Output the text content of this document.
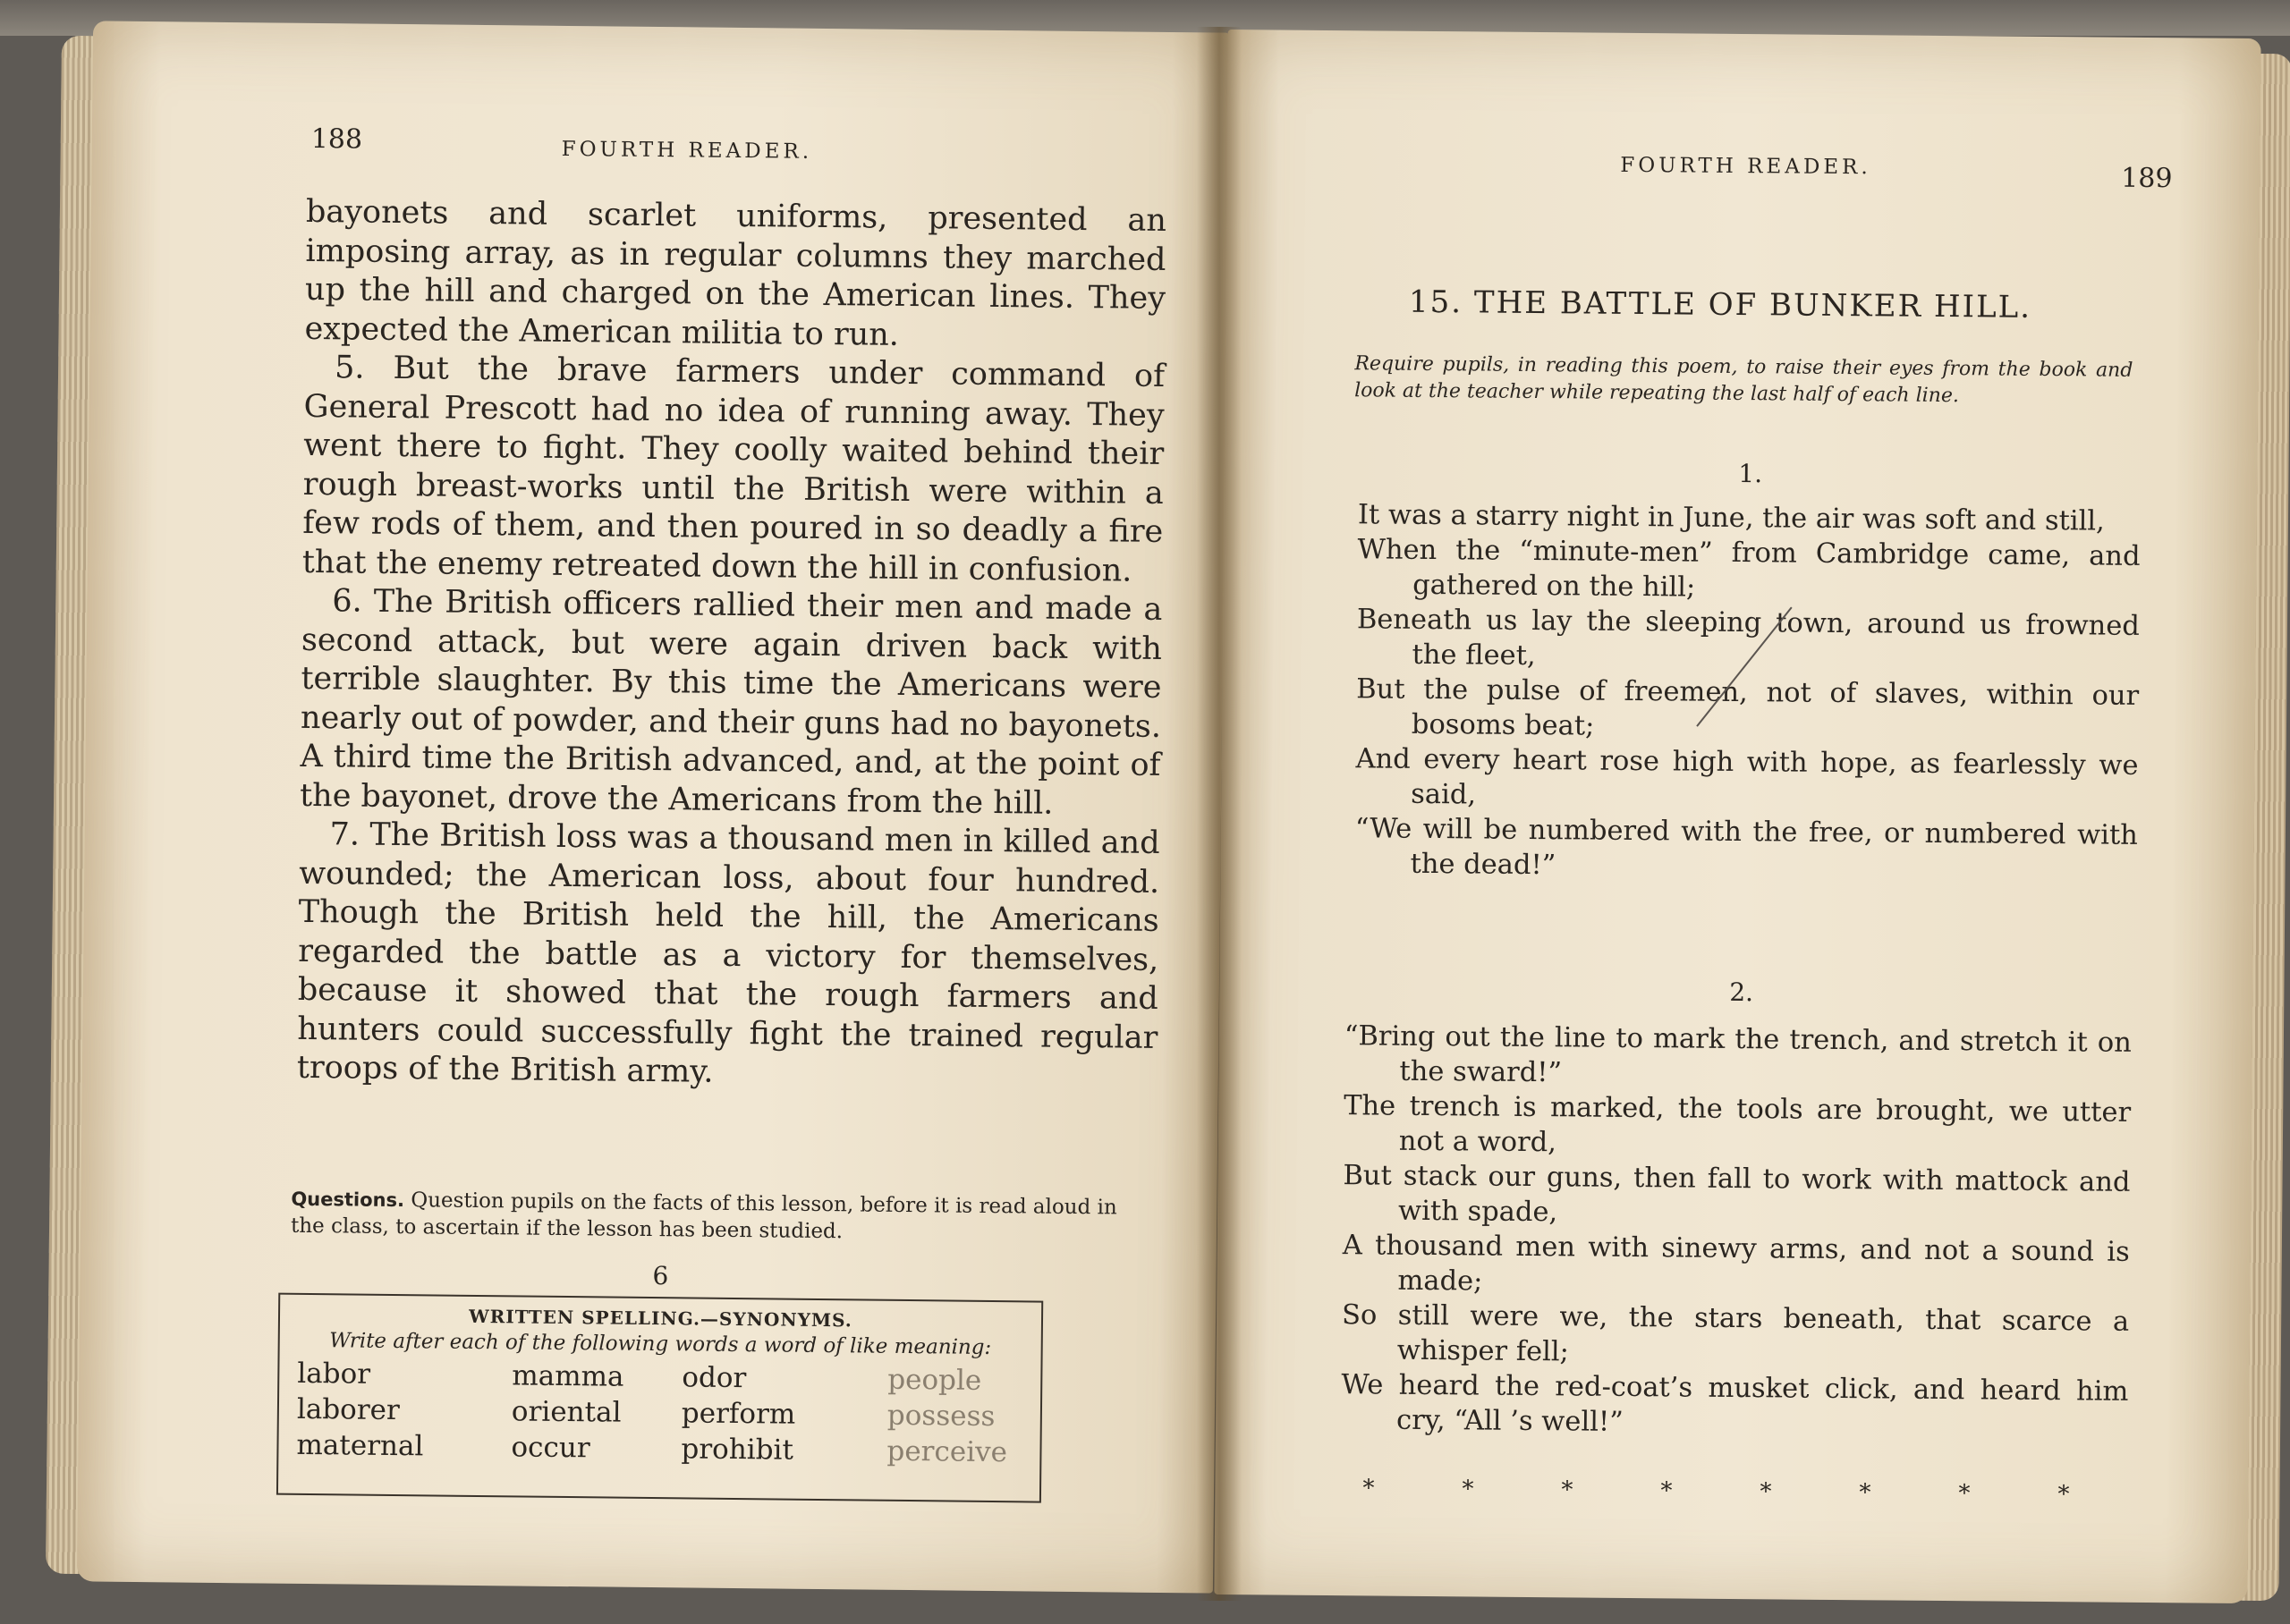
188	FOURTH READER.

bayonets and scarlet uniforms, presented an imposing array, as in regular columns they marched up the hill and charged on the American lines. They expected the American militia to run.

5. But the brave farmers under command of General Prescott had no idea of running away. They went there to fight. They coolly waited behind their rough breast-works until the British were within a few rods of them, and then poured in so deadly a fire that the enemy retreated down the hill in confusion.

6. The British officers rallied their men and made a second attack, but were again driven back with terrible slaughter. By this time the Americans were nearly out of powder, and their guns had no bayonets. A third time the British advanced, and, at the point of the bayonet, drove the Americans from the hill.

7. The British loss was a thousand men in killed and wounded; the American loss, about four hundred. Though the British held the hill, the Americans regarded the battle as a victory for themselves, because it showed that the rough farmers and hunters could successfully fight the trained regular troops of the British army.

Questions. Question pupils on the facts of this lesson, before it is read aloud in the class, to ascertain if the lesson has been studied.
6
WRITTEN SPELLING.—SYNONYMS.
Write after each of the following words a word of like meaning:
labor	mamma	odor	people
laborer	oriental	perform	possess
maternal	occur	prohibit	perceive
FOURTH READER.	189
15. THE BATTLE OF BUNKER HILL.
Require pupils, in reading this poem, to raise their eyes from the book and look at the teacher while repeating the last half of each line.
1.
It was a starry night in June, the air was soft and still,
When the “minute-men” from Cambridge came, and gathered on the hill;
Beneath us lay the sleeping town, around us frowned the fleet,
But the pulse of freemen, not of slaves, within our bosoms beat;
And every heart rose high with hope, as fearlessly we said,
“We will be numbered with the free, or numbered with the dead!”
2.
“Bring out the line to mark the trench, and stretch it on the sward!”
The trench is marked, the tools are brought, we utter not a word,
But stack our guns, then fall to work with mattock and with spade,
A thousand men with sinewy arms, and not a sound is made;
So still were we, the stars beneath, that scarce a whisper fell;
We heard the red-coat’s musket click, and heard him cry, “All ’s well!”
*	*	*	*	*	*	*	*
